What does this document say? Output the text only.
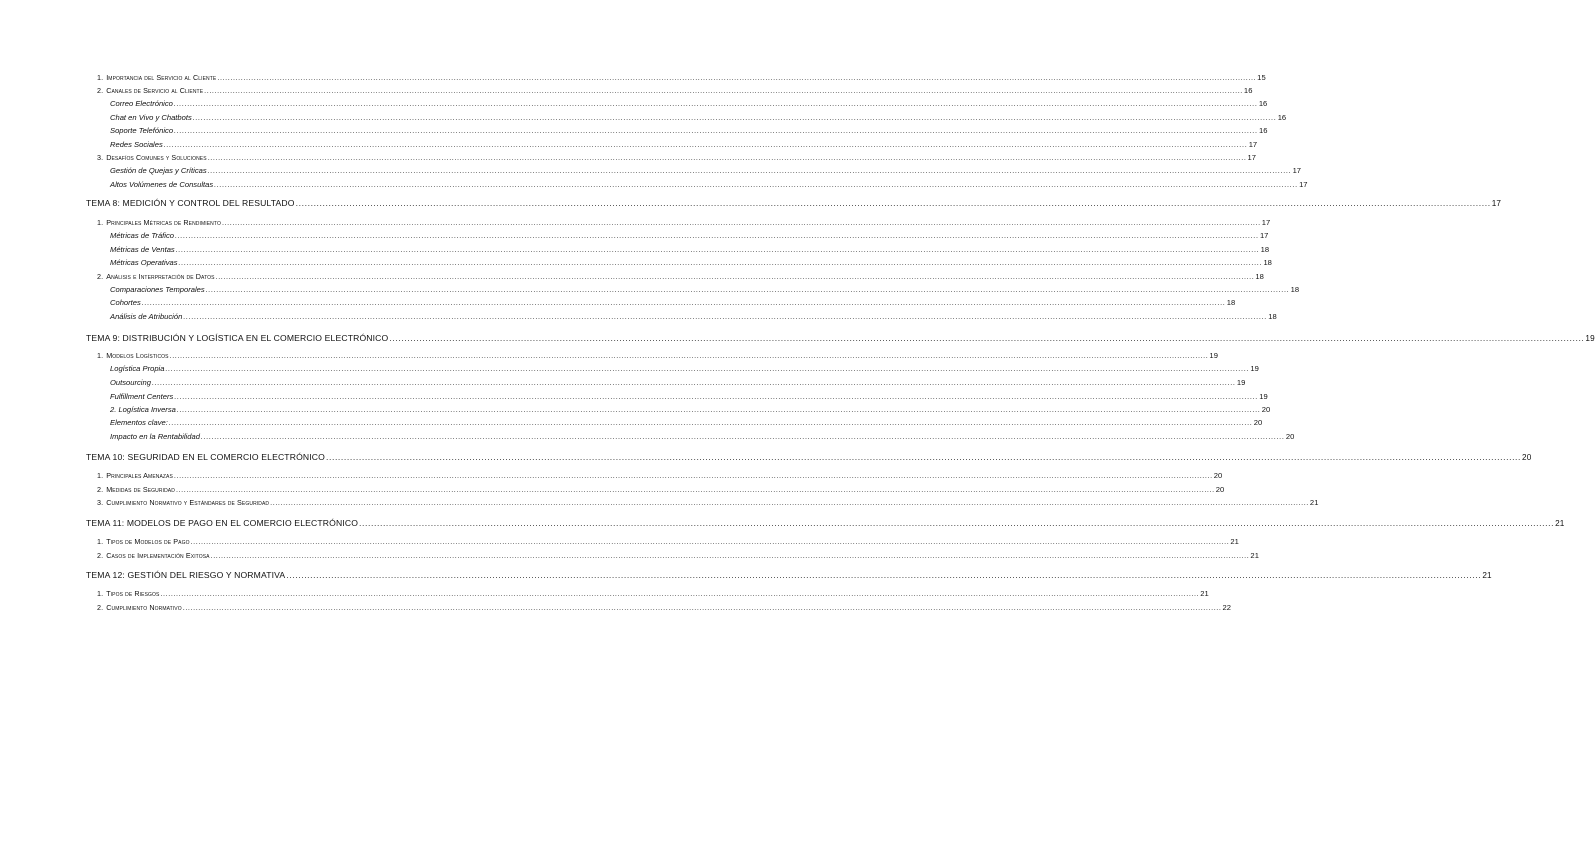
1. Importancia del Servicio al Cliente ................................................................................................................................................................................................................................................................................................................................................................................................................ 15
2. Canales de Servicio al Cliente ................................................................................................................................................................................................................................................................................................................................................................................................................ 16
Correo Electrónico ................................................................................................................................................................................................................................................................................................................................................................................................................ 16
Chat en Vivo y Chatbots ................................................................................................................................................................................................................................................................................................................................................................................................................ 16
Soporte Telefónico ................................................................................................................................................................................................................................................................................................................................................................................................................ 16
Redes Sociales ................................................................................................................................................................................................................................................................................................................................................................................................................ 17
3. Desafíos Comunes y Soluciones ................................................................................................................................................................................................................................................................................................................................................................................................................ 17
Gestión de Quejas y Críticas ................................................................................................................................................................................................................................................................................................................................................................................................................ 17
Altos Volúmenes de Consultas ................................................................................................................................................................................................................................................................................................................................................................................................................ 17
TEMA 8: MEDICIÓN Y CONTROL DEL RESULTADO ................................................................................................................................................................................................................................................................................................................................................................................................................ 17
1. Principales Métricas de Rendimiento ................................................................................................................................................................................................................................................................................................................................................................................................................ 17
Métricas de Tráfico ................................................................................................................................................................................................................................................................................................................................................................................................................ 17
Métricas de Ventas ................................................................................................................................................................................................................................................................................................................................................................................................................ 18
Métricas Operativas ................................................................................................................................................................................................................................................................................................................................................................................................................ 18
2. Análisis e Interpretación de Datos ................................................................................................................................................................................................................................................................................................................................................................................................................ 18
Comparaciones Temporales ................................................................................................................................................................................................................................................................................................................................................................................................................ 18
Cohortes ................................................................................................................................................................................................................................................................................................................................................................................................................ 18
Análisis de Atribución ................................................................................................................................................................................................................................................................................................................................................................................................................ 18
TEMA 9: DISTRIBUCIÓN Y LOGÍSTICA EN EL COMERCIO ELECTRÓNICO ................................................................................................................................................................................................................................................................................................................................................................................................................ 19
1. Modelos Logísticos ................................................................................................................................................................................................................................................................................................................................................................................................................ 19
Logística Propia ................................................................................................................................................................................................................................................................................................................................................................................................................ 19
Outsourcing ................................................................................................................................................................................................................................................................................................................................................................................................................ 19
Fulfillment Centers ................................................................................................................................................................................................................................................................................................................................................................................................................ 19
2. Logística Inversa ................................................................................................................................................................................................................................................................................................................................................................................................................ 20
Elementos clave: ................................................................................................................................................................................................................................................................................................................................................................................................................ 20
Impacto en la Rentabilidad ................................................................................................................................................................................................................................................................................................................................................................................................................ 20
TEMA 10: SEGURIDAD EN EL COMERCIO ELECTRÓNICO ................................................................................................................................................................................................................................................................................................................................................................................................................ 20
1. Principales Amenazas ................................................................................................................................................................................................................................................................................................................................................................................................................ 20
2. Medidas de Seguridad ................................................................................................................................................................................................................................................................................................................................................................................................................ 20
3. Cumplimiento Normativo y Estándares de Seguridad ................................................................................................................................................................................................................................................................................................................................................................................................................ 21
TEMA 11: MODELOS DE PAGO EN EL COMERCIO ELECTRÓNICO ................................................................................................................................................................................................................................................................................................................................................................................................................ 21
1. Tipos de Modelos de Pago ................................................................................................................................................................................................................................................................................................................................................................................................................ 21
2. Casos de Implementación Exitosa ................................................................................................................................................................................................................................................................................................................................................................................................................ 21
TEMA 12: GESTIÓN DEL RIESGO Y NORMATIVA ................................................................................................................................................................................................................................................................................................................................................................................................................ 21
1. Tipos de Riesgos ................................................................................................................................................................................................................................................................................................................................................................................................................ 21
2. Cumplimiento Normativo ................................................................................................................................................................................................................................................................................................................................................................................................................ 22
